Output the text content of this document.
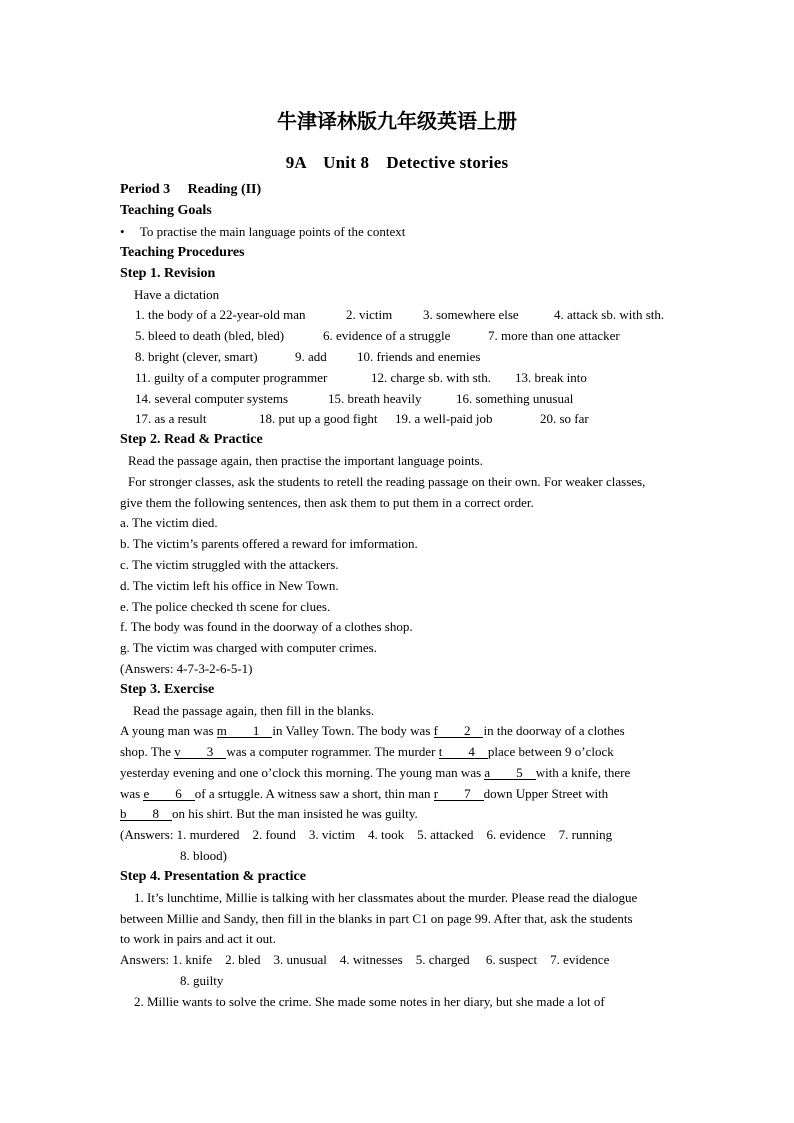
牛津译林版九年级英语上册
9A　Unit 8　Detective stories
Period 3　 Reading (II)
Teaching Goals
• To practise the main language points of the context
Teaching Procedures
Step 1. Revision
Have a dictation
1. the body of a 22-year-old man	2. victim 3. somewhere else	4. attack sb. with sth.
5. bleed to death (bled, bled)	6. evidence of a struggle	7. more than one attacker
8. bright (clever, smart)	9. add 10. friends and enemies
11. guilty of a computer programmer	12. charge sb. with sth. 13. break into
14. several computer systems	15. breath heavily	16. something unusual
17. as a result	18. put up a good fight 19. a well-paid job	20. so far
Step 2. Read & Practice
Read the passage again, then practise the important language points.
For stronger classes, ask the students to retell the reading passage on their own. For weaker classes,
give them the following sentences, then ask them to put them in a correct order.
a. The victim died.
b. The victim’s parents offered a reward for imformation.
c. The victim struggled with the attackers.
d. The victim left his office in New Town.
e. The police checked th scene for clues.
f. The body was found in the doorway of a clothes shop.
g. The victim was charged with computer crimes.
(Answers: 4-7-3-2-6-5-1)
Step 3. Exercise
Read the passage again, then fill in the blanks.
A young man was m　　1　in Valley Town. The body was f　　2　in the doorway of a clothes
shop. The v　　3　was a computer rogrammer. The murder t　　4　place between 9 o’clock
yesterday evening and one o’clock this morning. The young man was a　　5　with a knife, there
was e　　6　of a srtuggle. A witness saw a short, thin man r　　7　down Upper Street with
b　　8　on his shirt. But the man insisted he was guilty.
(Answers: 1. murdered　2. found　3. victim　4. took　5. attacked　6. evidence　7. running
8. blood)
Step 4. Presentation & practice
1. It’s lunchtime, Millie is talking with her classmates about the murder. Please read the dialogue
between Millie and Sandy, then fill in the blanks in part C1 on page 99. After that, ask the students
to work in pairs and act it out.
Answers: 1. knife　2. bled　3. unusual　4. witnesses　5. charged　 6. suspect　7. evidence
8. guilty
2. Millie wants to solve the crime. She made some notes in her diary, but she made a lot of
